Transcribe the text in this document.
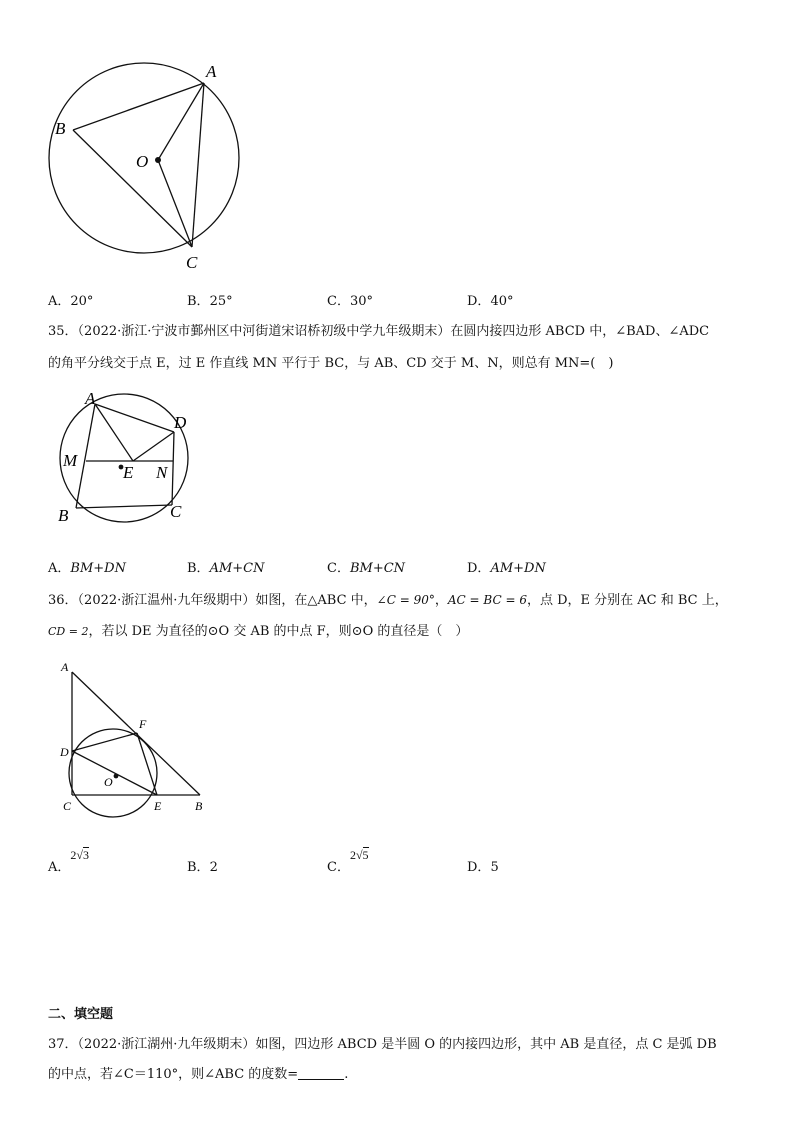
A
B
C
O
A．20°	B．25°	C．30°	D．40°
35．（2022·浙江·宁波市鄞州区中河街道宋诏桥初级中学九年级期末）在圆内接四边形 ABCD 中，∠BAD、∠ADC
的角平分线交于点 E，过 E 作直线 MN 平行于 BC，与 AB、CD 交于 M、N，则总有 MN=(　)
A
D
M
E N
B	C
A．BM+DN	B．AM+CN	C．BM+CN	D．AM+DN
36．（2022·浙江温州·九年级期中）如图，在△ABC 中，∠C = 90°，AC = BC = 6，点 D，E 分别在 AC 和 BC 上，
CD = 2，若以 DE 为直径的⊙O 交 AB 的中点 F，则⊙O 的直径是（　）
A
D
F
O
C	E	B
A．2√3
B．2	C．2√5
D．5
二、填空题
37．（2022·浙江湖州·九年级期末）如图，四边形 ABCD 是半圆 O 的内接四边形，其中 AB 是直径，点 C 是弧 DB
的中点，若∠C＝110°，则∠ABC 的度数=	.
